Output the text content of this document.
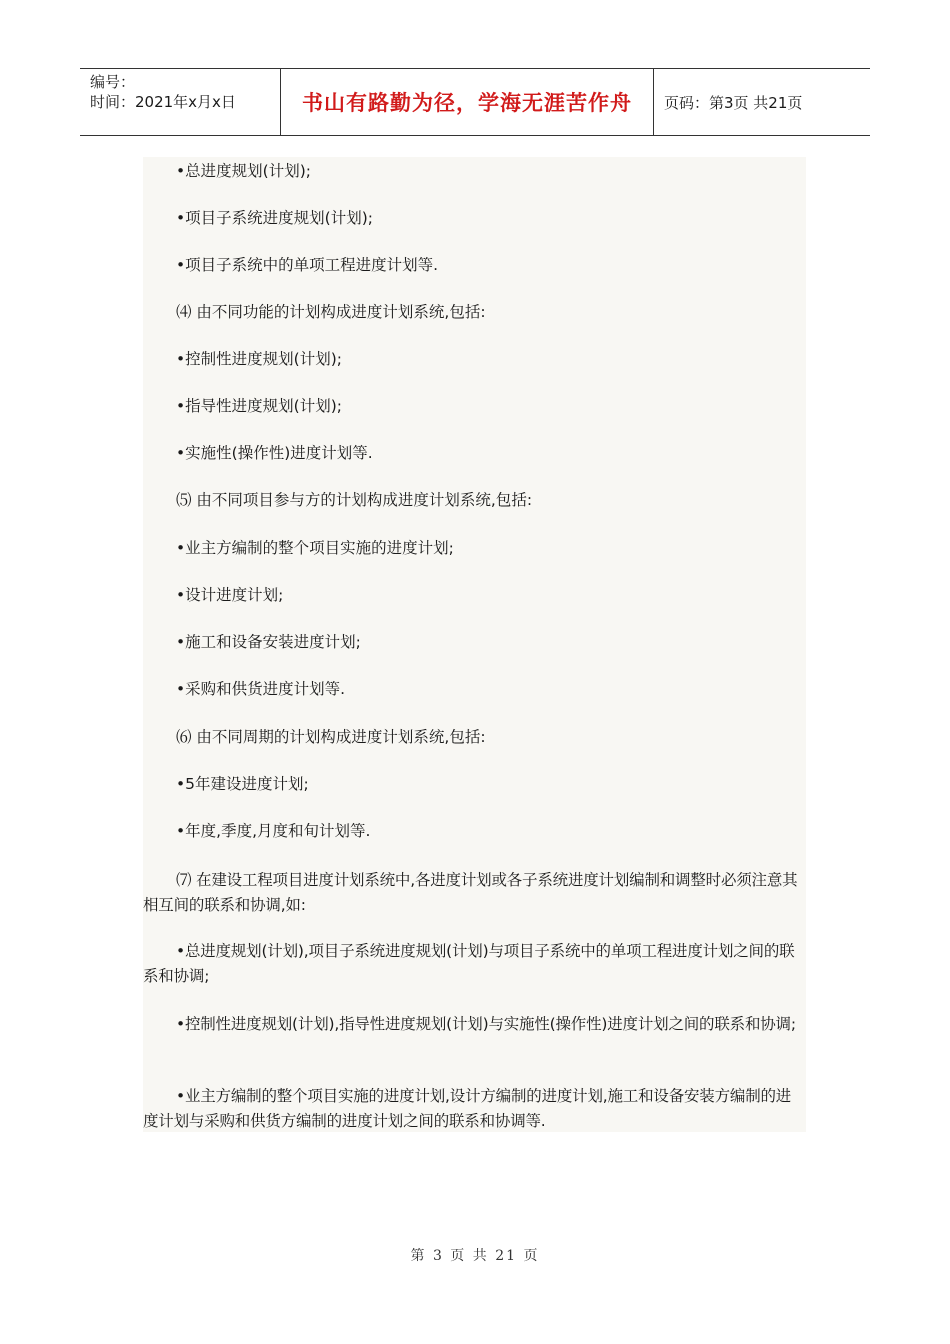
编号：
时间：2021年x月x日	书山有路勤为径，学海无涯苦作舟	页码：第3页 共21页
•总进度规划(计划);
•项目子系统进度规划(计划);
•项目子系统中的单项工程进度计划等.
⑷ 由不同功能的计划构成进度计划系统,包括:
•控制性进度规划(计划);
•指导性进度规划(计划);
•实施性(操作性)进度计划等.
⑸ 由不同项目参与方的计划构成进度计划系统,包括:
•业主方编制的整个项目实施的进度计划;
•设计进度计划;
•施工和设备安装进度计划;
•采购和供货进度计划等.
⑹ 由不同周期的计划构成进度计划系统,包括:
•5年建设进度计划;
•年度,季度,月度和旬计划等.
⑺ 在建设工程项目进度计划系统中,各进度计划或各子系统进度计划编制和调整时必须注意其相互间的联系和协调,如:
•总进度规划(计划),项目子系统进度规划(计划)与项目子系统中的单项工程进度计划之间的联系和协调;
•控制性进度规划(计划),指导性进度规划(计划)与实施性(操作性)进度计划之间的联系和协调;
•业主方编制的整个项目实施的进度计划,设计方编制的进度计划,施工和设备安装方编制的进度计划与采购和供货方编制的进度计划之间的联系和协调等.
第 3 页 共 21 页
